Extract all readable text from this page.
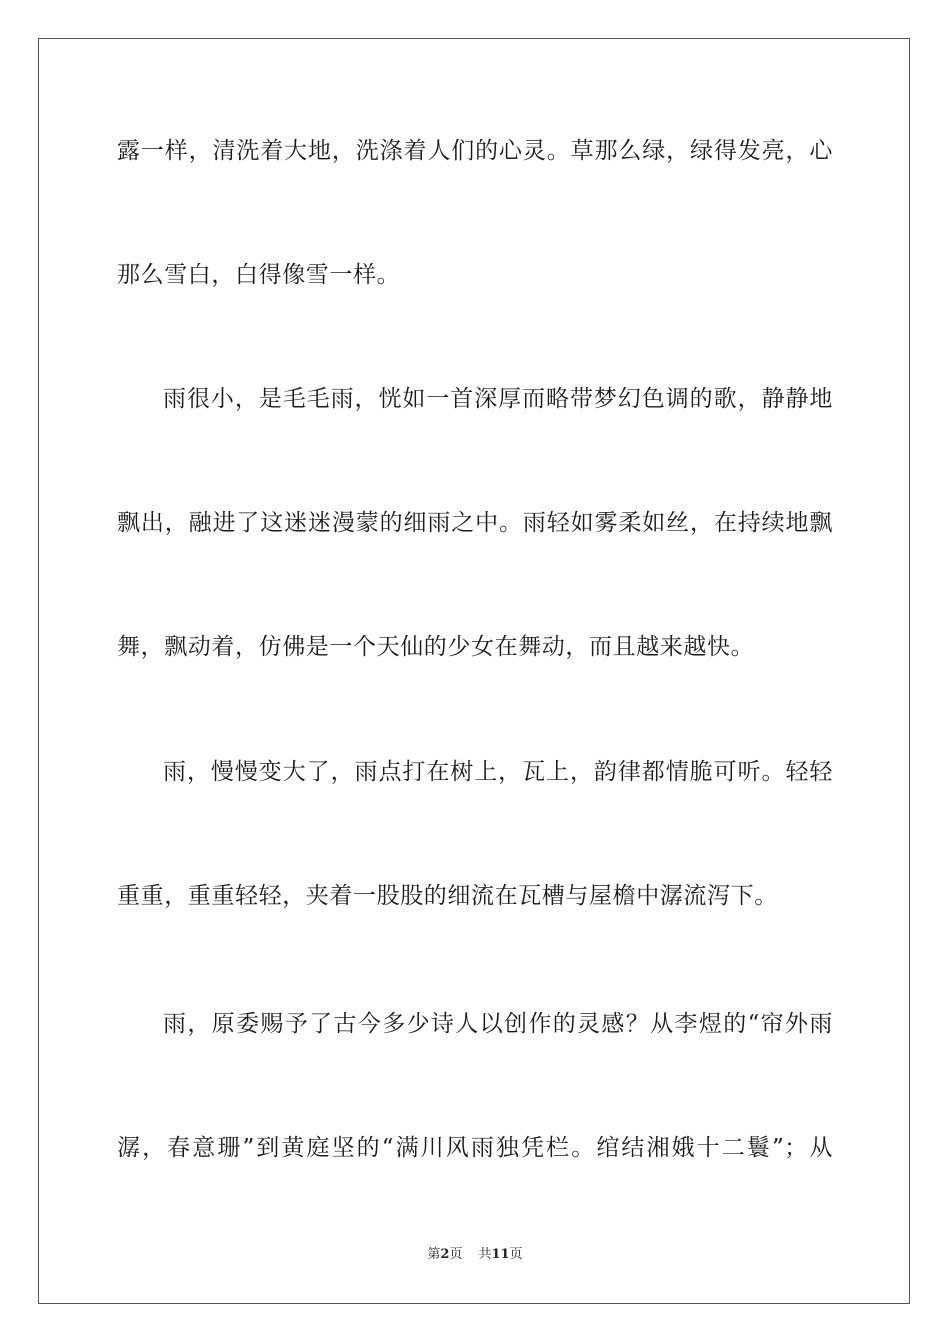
露一样，清洗着大地，洗涤着人们的心灵。草那么绿，绿得发亮，心
那么雪白，白得像雪一样。
雨很小，是毛毛雨，恍如一首深厚而略带梦幻色调的歌，静静地
飘出，融进了这迷迷漫蒙的细雨之中。雨轻如雾柔如丝，在持续地飘
舞，飘动着，仿佛是一个天仙的少女在舞动，而且越来越快。
雨，慢慢变大了，雨点打在树上，瓦上，韵律都情脆可听。轻轻
重重，重重轻轻，夹着一股股的细流在瓦槽与屋檐中潺流泻下。
雨，原委赐予了古今多少诗人以创作的灵感？从李煜的“帘外雨
潺，春意珊”到黄庭坚的“满川风雨独凭栏。绾结湘娥十二鬟”；从
第2页 共11页
